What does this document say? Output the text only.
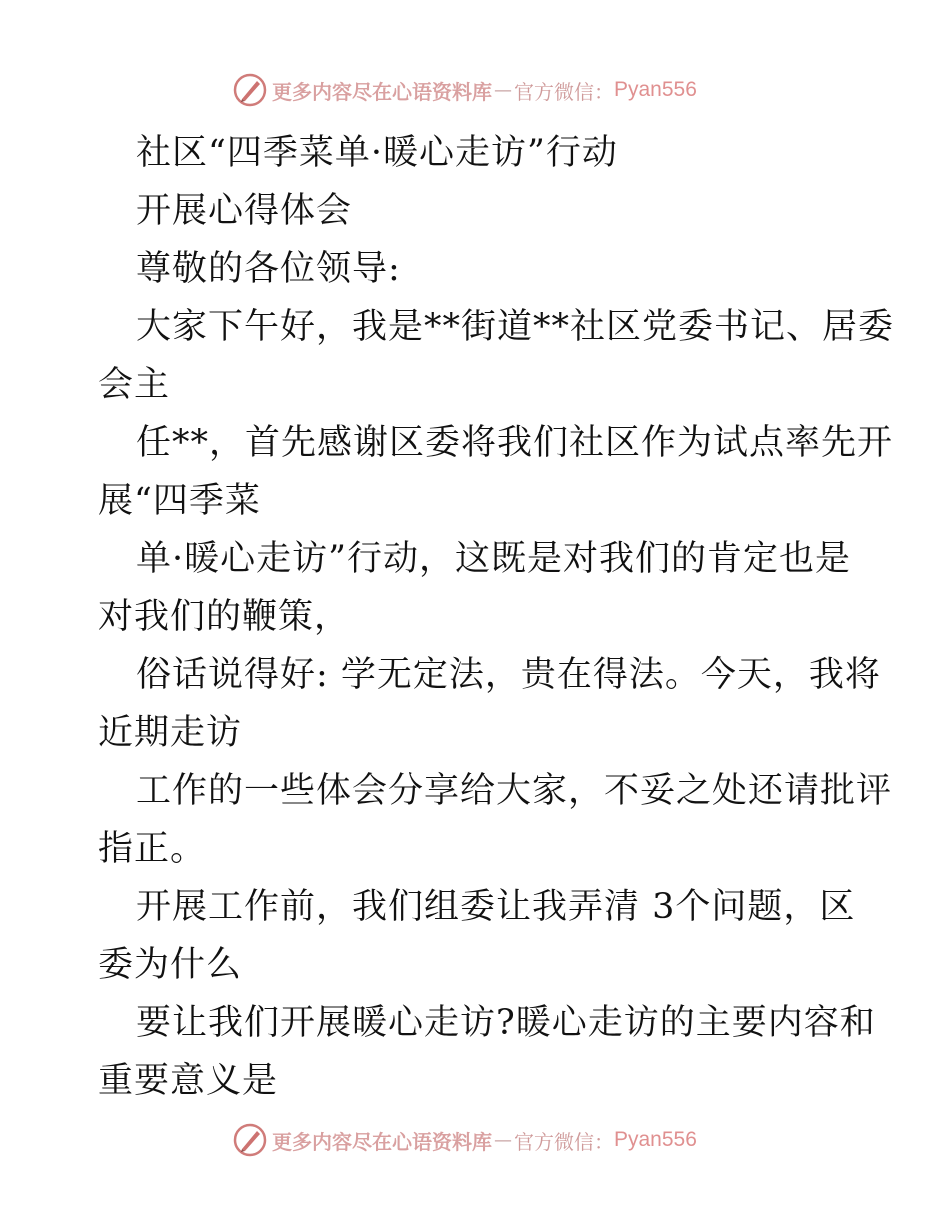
更多内容尽在心语资料库 — 官方微信： Pyan556
社区“四季菜单·暖心走访”行动
开展心得体会
尊敬的各位领导:
大家下午好，我是**街道**社区党委书记、居委
会主
任**，首先感谢区委将我们社区作为试点率先开
展“四季菜
单·暖心走访”行动，这既是对我们的肯定也是
对我们的鞭策，
俗话说得好: 学无定法，贵在得法。今天，我将
近期走访
工作的一些体会分享给大家，不妥之处还请批评
指正。
开展工作前，我们组委让我弄清 3个问题，区
委为什么
要让我们开展暖心走访?暖心走访的主要内容和
重要意义是
更多内容尽在心语资料库 — 官方微信： Pyan556
